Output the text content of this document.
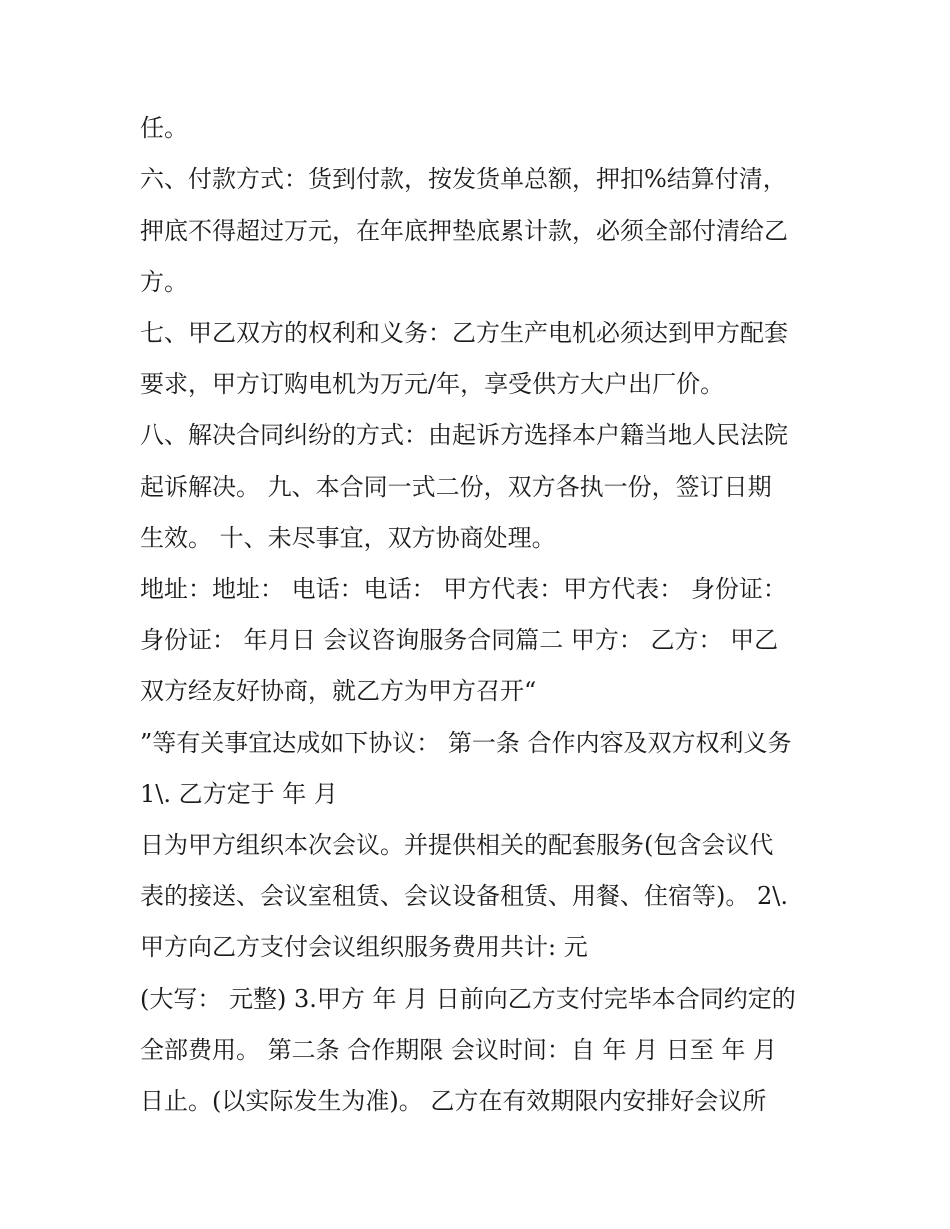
任。
六、付款方式：货到付款，按发货单总额，押扣%结算付清，
押底不得超过万元，在年底押垫底累计款，必须全部付清给乙
方。
七、甲乙双方的权利和义务：乙方生产电机必须达到甲方配套
要求，甲方订购电机为万元/年，享受供方大户出厂价。
八、解决合同纠纷的方式：由起诉方选择本户籍当地人民法院
起诉解决。 九、本合同一式二份，双方各执一份，签订日期
生效。 十、未尽事宜，双方协商处理。
地址：地址： 电话：电话： 甲方代表：甲方代表： 身份证：
身份证： 年月日 会议咨询服务合同篇二 甲方： 乙方： 甲乙
双方经友好协商，就乙方为甲方召开“
”等有关事宜达成如下协议： 第一条 合作内容及双方权利义务
1\. 乙方定于 年 月
日为甲方组织本次会议。并提供相关的配套服务(包含会议代
表的接送、会议室租赁、会议设备租赁、用餐、住宿等)。 2\.
甲方向乙方支付会议组织服务费用共计: 元
(大写： 元整) 3.甲方 年 月 日前向乙方支付完毕本合同约定的
全部费用。 第二条 合作期限 会议时间：自 年 月 日至 年 月
日止。(以实际发生为准)。 乙方在有效期限内安排好会议所
